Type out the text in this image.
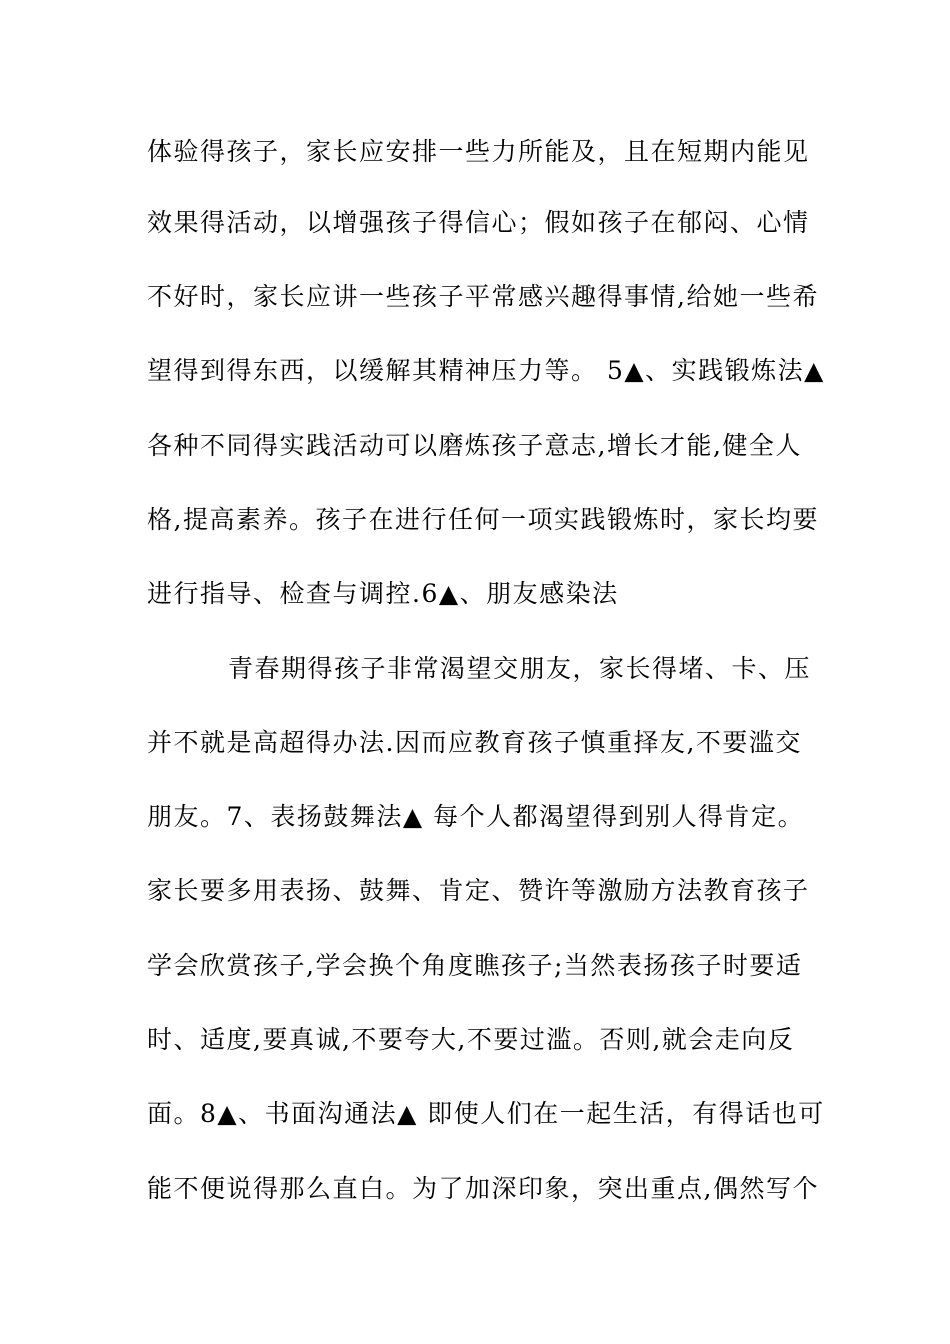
体验得孩子，家长应安排一些力所能及，且在短期内能见
效果得活动，以增强孩子得信心；假如孩子在郁闷、心情
不好时，家长应讲一些孩子平常感兴趣得事情,给她一些希
望得到得东西，以缓解其精神压力等。 5▲、实践锻炼法▲
各种不同得实践活动可以磨炼孩子意志,增长才能,健全人
格,提高素养。孩子在进行任何一项实践锻炼时，家长均要
进行指导、检查与调控.6▲、朋友感染法
青春期得孩子非常渴望交朋友，家长得堵、卡、压
并不就是高超得办法.因而应教育孩子慎重择友,不要滥交
朋友。7、表扬鼓舞法▲ 每个人都渴望得到别人得肯定。
家长要多用表扬、鼓舞、肯定、赞许等激励方法教育孩子
学会欣赏孩子,学会换个角度瞧孩子;当然表扬孩子时要适
时、适度,要真诚,不要夸大,不要过滥。否则,就会走向反
面。8▲、书面沟通法▲ 即使人们在一起生活，有得话也可
能不便说得那么直白。为了加深印象，突出重点,偶然写个
